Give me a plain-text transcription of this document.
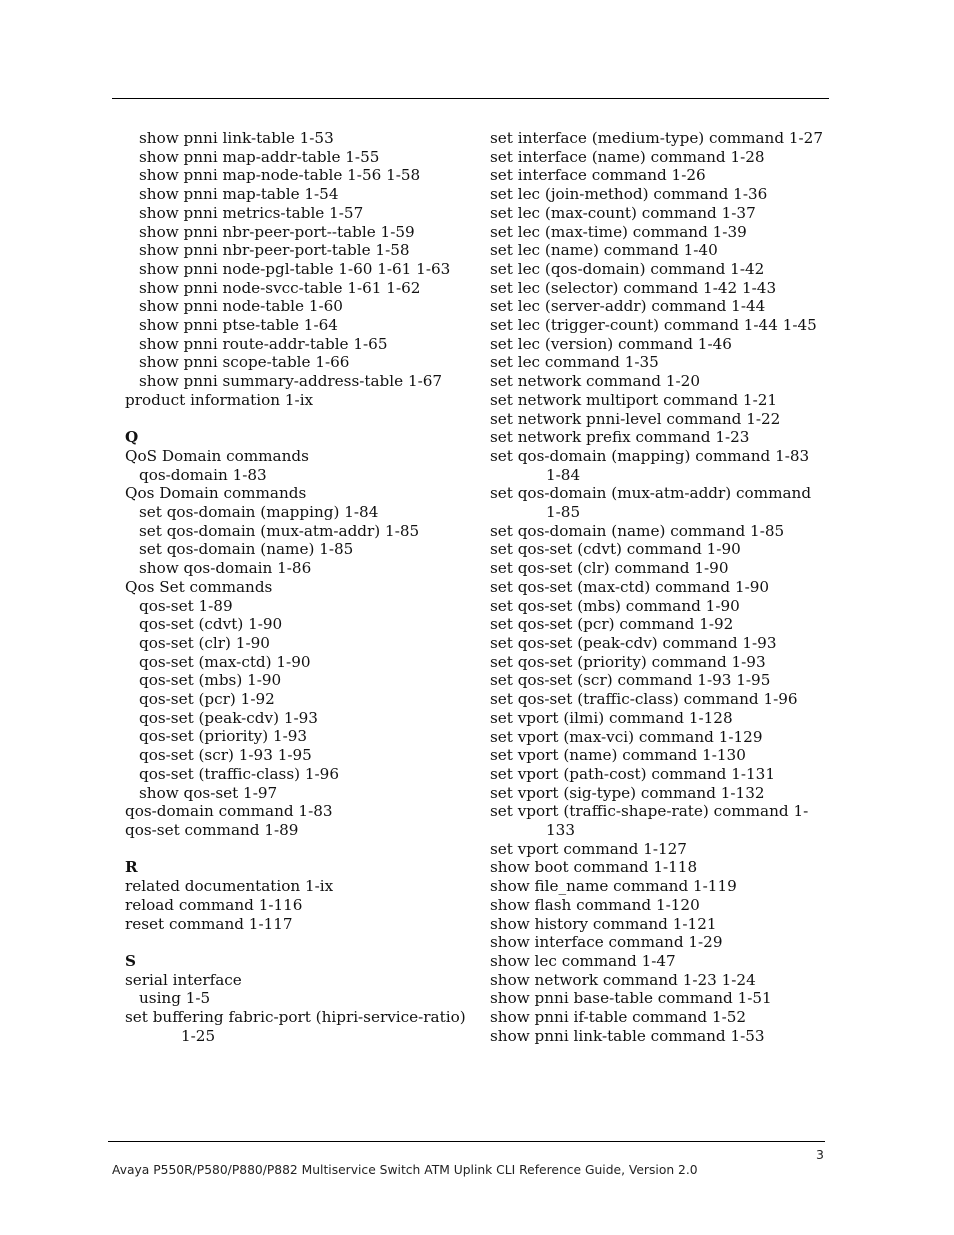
show pnni link-table 1-53
show pnni map-addr-table 1-55
show pnni map-node-table 1-56 1-58
show pnni map-table 1-54
show pnni metrics-table 1-57
show pnni nbr-peer-port--table 1-59
show pnni nbr-peer-port-table 1-58
show pnni node-pgl-table 1-60 1-61 1-63
show pnni node-svcc-table 1-61 1-62
show pnni node-table 1-60
show pnni ptse-table 1-64
show pnni route-addr-table 1-65
show pnni scope-table 1-66
show pnni summary-address-table 1-67
product information 1-ix
Q
QoS Domain commands
qos-domain 1-83
Qos Domain commands
set qos-domain (mapping) 1-84
set qos-domain (mux-atm-addr) 1-85
set qos-domain (name) 1-85
show qos-domain 1-86
Qos Set commands
qos-set 1-89
qos-set (cdvt) 1-90
qos-set (clr) 1-90
qos-set (max-ctd) 1-90
qos-set (mbs) 1-90
qos-set (pcr) 1-92
qos-set (peak-cdv) 1-93
qos-set (priority) 1-93
qos-set (scr) 1-93 1-95
qos-set (traffic-class) 1-96
show qos-set 1-97
qos-domain command 1-83
qos-set command 1-89
R
related documentation 1-ix
reload command 1-116
reset command 1-117
S
serial interface
using 1-5
set buffering fabric-port (hipri-service-ratio)
1-25
set interface (medium-type) command 1-27
set interface (name) command 1-28
set interface command 1-26
set lec (join-method) command 1-36
set lec (max-count) command 1-37
set lec (max-time) command 1-39
set lec (name) command 1-40
set lec (qos-domain) command 1-42
set lec (selector) command 1-42 1-43
set lec (server-addr) command 1-44
set lec (trigger-count) command 1-44 1-45
set lec (version) command 1-46
set lec command 1-35
set network command 1-20
set network multiport command 1-21
set network pnni-level command 1-22
set network prefix command 1-23
set qos-domain (mapping) command 1-83
1-84
set qos-domain (mux-atm-addr) command
1-85
set qos-domain (name) command 1-85
set qos-set (cdvt) command 1-90
set qos-set (clr) command 1-90
set qos-set (max-ctd) command 1-90
set qos-set (mbs) command 1-90
set qos-set (pcr) command 1-92
set qos-set (peak-cdv) command 1-93
set qos-set (priority) command 1-93
set qos-set (scr) command 1-93 1-95
set qos-set (traffic-class) command 1-96
set vport (ilmi) command 1-128
set vport (max-vci) command 1-129
set vport (name) command 1-130
set vport (path-cost) command 1-131
set vport (sig-type) command 1-132
set vport (traffic-shape-rate) command 1-
133
set vport command 1-127
show boot command 1-118
show file_name command 1-119
show flash command 1-120
show history command 1-121
show interface command 1-29
show lec command 1-47
show network command 1-23 1-24
show pnni base-table command 1-51
show pnni if-table command 1-52
show pnni link-table command 1-53
3
Avaya P550R/P580/P880/P882 Multiservice Switch ATM Uplink CLI Reference Guide, Version 2.0
